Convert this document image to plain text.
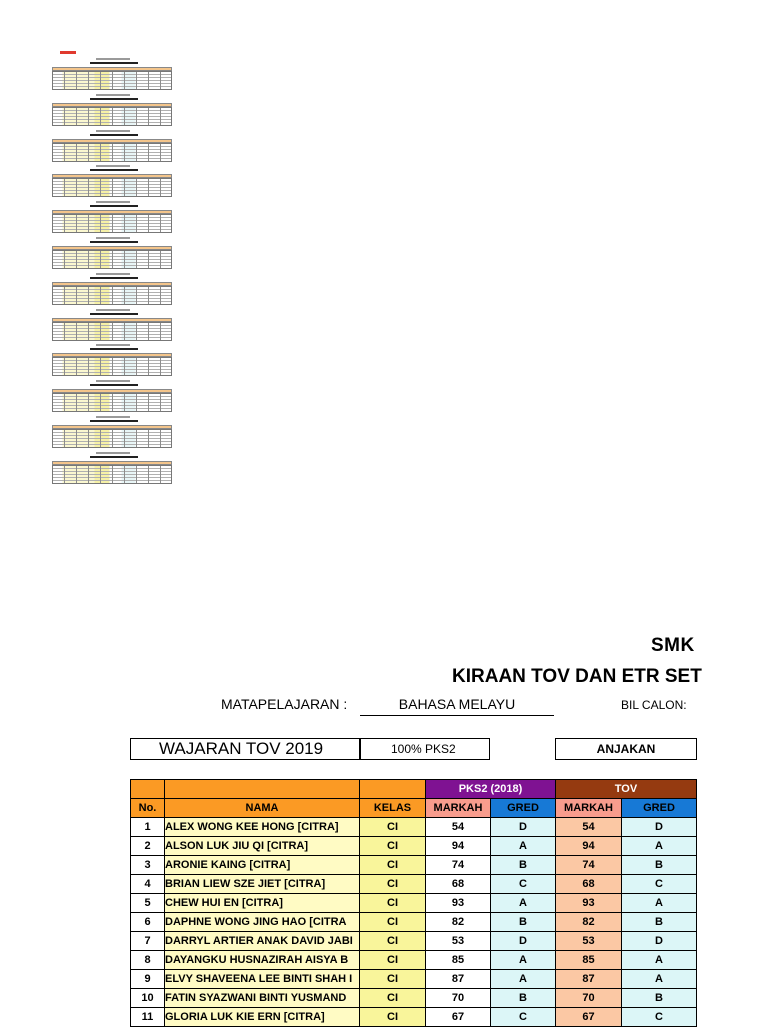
SMK
KIRAAN TOV DAN ETR SET
MATAPELAJARAN :	BAHASA MELAYU	BIL CALON:
WAJARAN TOV 2019	100% PKS2	ANJAKAN
			PKS2 (2018)		TOV	
No.	NAMA	KELAS	MARKAH	GRED	MARKAH	GRED
1	ALEX WONG KEE HONG [CITRA]	CI	54	D	54	D
2	ALSON LUK JIU QI [CITRA]	CI	94	A	94	A
3	ARONIE KAING [CITRA]	CI	74	B	74	B
4	BRIAN LIEW SZE JIET [CITRA]	CI	68	C	68	C
5	CHEW HUI EN [CITRA]	CI	93	A	93	A
6	DAPHNE WONG JING HAO [CITRA	CI	82	B	82	B
7	DARRYL ARTIER ANAK DAVID JABI	CI	53	D	53	D
8	DAYANGKU HUSNAZIRAH AISYA B	CI	85	A	85	A
9	ELVY SHAVEENA LEE BINTI SHAH I	CI	87	A	87	A
10	FATIN SYAZWANI BINTI YUSMAND	CI	70	B	70	B
11	GLORIA LUK KIE ERN [CITRA]	CI	67	C	67	C
